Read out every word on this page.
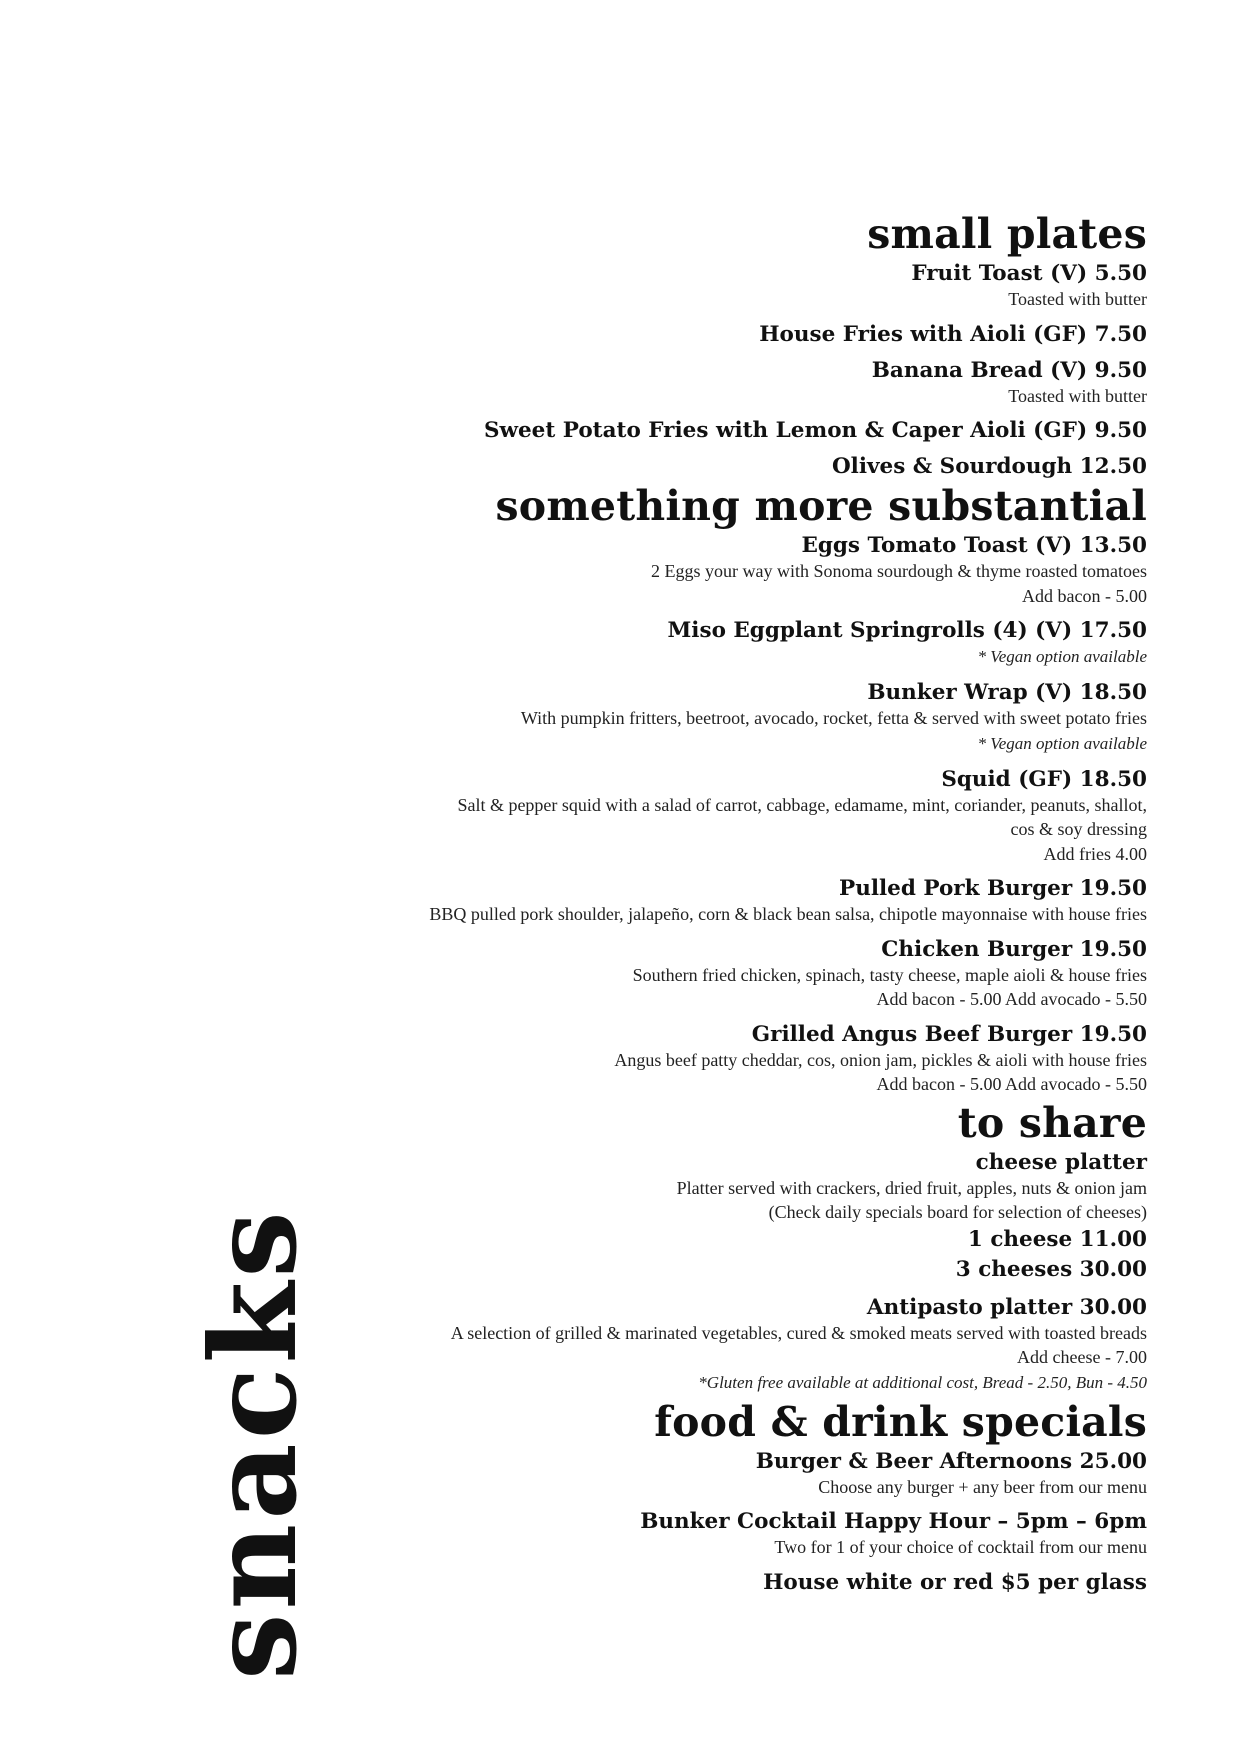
small plates
Fruit Toast (V) 5.50
Toasted with butter
House Fries with Aioli (GF) 7.50
Banana Bread (V) 9.50
Toasted with butter
Sweet Potato Fries with Lemon & Caper Aioli (GF) 9.50
Olives & Sourdough 12.50
something more substantial
Eggs Tomato Toast (V) 13.50
2 Eggs your way with Sonoma sourdough & thyme roasted tomatoes
Add bacon - 5.00
Miso Eggplant Springrolls (4) (V) 17.50
* Vegan option available
Bunker Wrap (V) 18.50
With pumpkin fritters, beetroot, avocado, rocket, fetta & served with sweet potato fries
* Vegan option available
Squid (GF) 18.50
Salt & pepper squid with a salad of carrot, cabbage, edamame, mint, coriander, peanuts, shallot,
cos & soy dressing
Add fries 4.00
Pulled Pork Burger 19.50
BBQ pulled pork shoulder, jalapeño, corn & black bean salsa, chipotle mayonnaise with house fries
Chicken Burger 19.50
Southern fried chicken, spinach, tasty cheese, maple aioli & house fries
Add bacon - 5.00 Add avocado - 5.50
Grilled Angus Beef Burger 19.50
Angus beef patty cheddar, cos, onion jam, pickles & aioli with house fries
Add bacon - 5.00 Add avocado - 5.50
to share
cheese platter
Platter served with crackers, dried fruit, apples, nuts & onion jam
(Check daily specials board for selection of cheeses)
1 cheese 11.00
3 cheeses 30.00
Antipasto platter 30.00
A selection of grilled & marinated vegetables, cured & smoked meats served with toasted breads
Add cheese - 7.00
*Gluten free available at additional cost, Bread - 2.50, Bun - 4.50
food & drink specials
Burger & Beer Afternoons 25.00
Choose any burger + any beer from our menu
Bunker Cocktail Happy Hour – 5pm – 6pm
Two for 1 of your choice of cocktail from our menu
House white or red $5 per glass
snacks
